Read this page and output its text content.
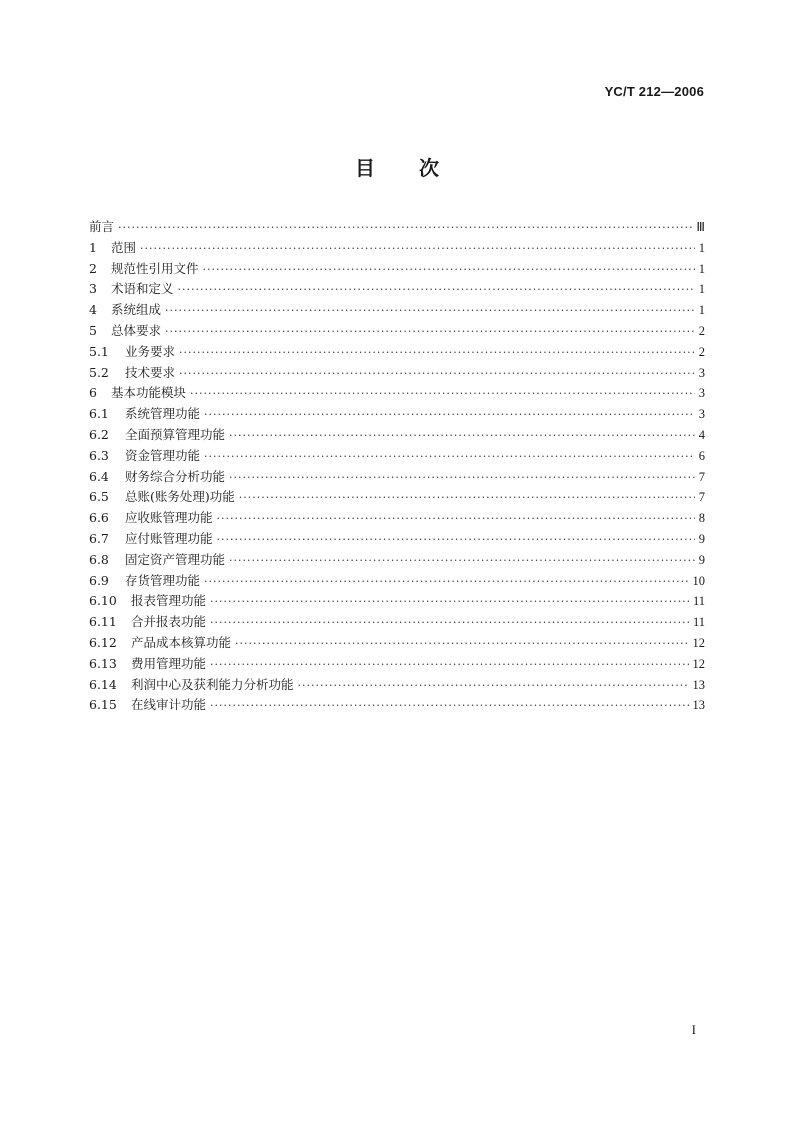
YC/T 212—2006
目 次
前言 ·····	Ⅲ
1	范围 ·····	1
2	规范性引用文件 ·····	1
3	术语和定义 ·····	1
4	系统组成 ·····	1
5	总体要求 ·····	2
5.1	业务要求 ·····	2
5.2	技术要求 ·····	3
6	基本功能模块 ·····	3
6.1	系统管理功能 ·····	3
6.2	全面预算管理功能 ·····	4
6.3	资金管理功能 ·····	6
6.4	财务综合分析功能 ·····	7
6.5	总账(账务处理)功能 ·····	7
6.6	应收账管理功能 ·····	8
6.7	应付账管理功能 ·····	9
6.8	固定资产管理功能 ·····	9
6.9	存货管理功能 ·····	10
6.10	报表管理功能 ·····	11
6.11	合并报表功能 ·····	11
6.12	产品成本核算功能 ·····	12
6.13	费用管理功能 ·····	12
6.14	利润中心及获利能力分析功能 ·····	13
6.15	在线审计功能 ·····	13
I
